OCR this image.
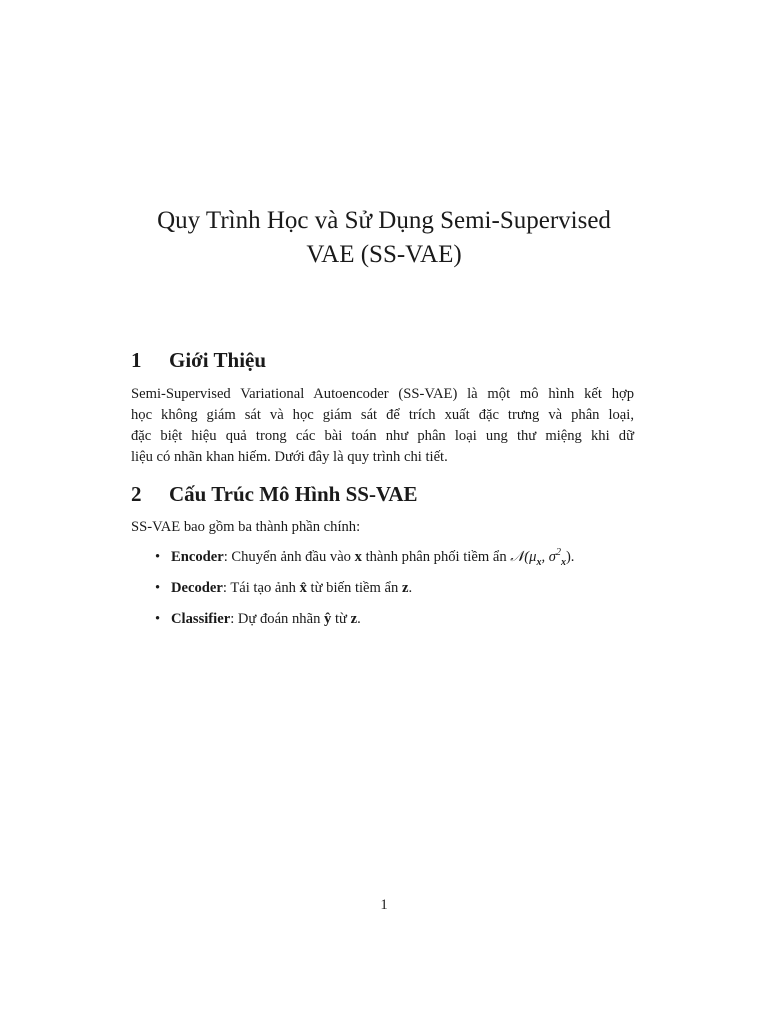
Quy Trình Học và Sử Dụng Semi-Supervised
VAE (SS-VAE)
1 Giới Thiệu

Semi-Supervised Variational Autoencoder (SS-VAE) là một mô hình kết hợp
học không giám sát và học giám sát để trích xuất đặc trưng và phân loại,
đặc biệt hiệu quả trong các bài toán như phân loại ung thư miệng khi dữ
liệu có nhãn khan hiếm. Dưới đây là quy trình chi tiết.

2 Cấu Trúc Mô Hình SS-VAE

SS-VAE bao gồm ba thành phần chính:

• Encoder: Chuyển ảnh đầu vào x thành phân phối tiềm ẩn $𝒩(\mu_x$, $\sigma^2_x$).
• Decoder: Tái tạo ảnh x̂ từ biến tiềm ẩn z.
• Classifier: Dự đoán nhãn ŷ từ z.
1
